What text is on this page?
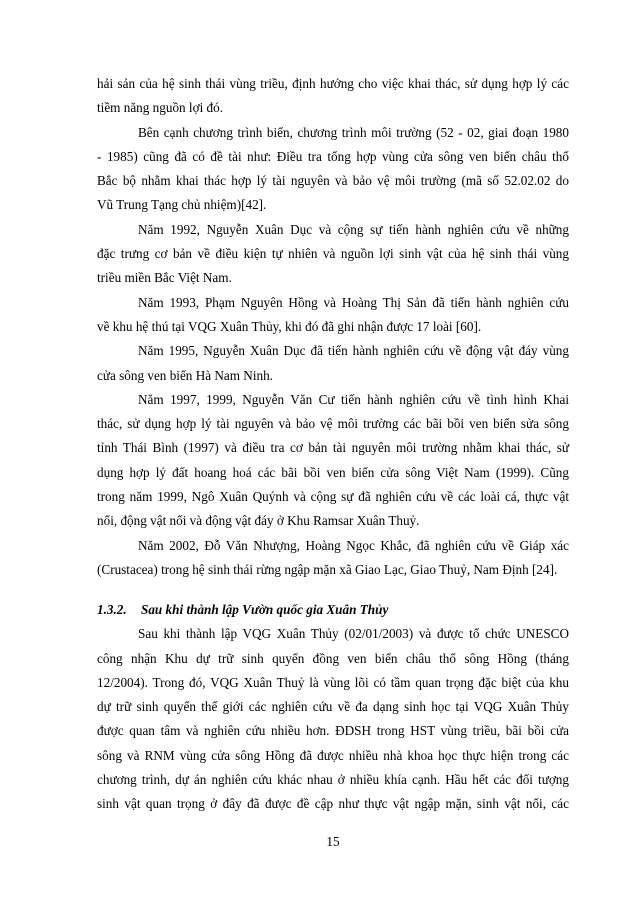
hải sản của hệ sinh thái vùng triều, định hướng cho việc khai thác, sử dụng hợp lý các
tiềm năng nguồn lợi đó.
Bên cạnh chương trình biển, chương trình môi trường (52 - 02, giai đoạn 1980
- 1985) cũng đã có đề tài như: Điều tra tổng hợp vùng cửa sông ven biển châu thổ
Bắc bộ nhằm khai thác hợp lý tài nguyên và bảo vệ môi trường (mã số 52.02.02 do
Vũ Trung Tạng chủ nhiệm)[42].
Năm 1992, Nguyễn Xuân Dục và cộng sự tiến hành nghiên cứu về những
đặc trưng cơ bản về điều kiện tự nhiên và nguồn lợi sinh vật của hệ sinh thái vùng
triều miền Bắc Việt Nam.
Năm 1993, Phạm Nguyên Hồng và Hoàng Thị Sản đã tiến hành nghiên cứu
về khu hệ thú tại VQG Xuân Thủy, khi đó đã ghi nhận được 17 loài [60].
Năm 1995, Nguyễn Xuân Dục đã tiến hành nghiên cứu về động vật đáy vùng
cửa sông ven biển Hà Nam Ninh.
Năm 1997, 1999, Nguyễn Văn Cư tiến hành nghiên cứu về tình hình Khai
thác, sử dụng hợp lý tài nguyên và bảo vệ môi trường các bãi bồi ven biển sửa sông
tỉnh Thái Bình (1997) và điều tra cơ bản tài nguyên môi trường nhằm khai thác, sử
dụng hợp lý đất hoang hoá các bãi bồi ven biển cửa sông Việt Nam (1999). Cũng
trong năm 1999, Ngô Xuân Quýnh và cộng sự đã nghiên cứu về các loài cá, thực vật
nổi, động vật nổi và động vật đáy ở Khu Ramsar Xuân Thuỷ.
Năm 2002, Đỗ Văn Nhượng, Hoàng Ngọc Khắc, đã nghiên cứu về Giáp xác
(Crustacea) trong hệ sinh thái rừng ngập mặn xã Giao Lạc, Giao Thuỷ, Nam Định [24].
1.3.2. Sau khi thành lập Vườn quốc gia Xuân Thủy
Sau khi thành lập VQG Xuân Thủy (02/01/2003) và được tổ chức UNESCO
công nhận Khu dự trữ sinh quyển đồng ven biển châu thổ sông Hồng (tháng
12/2004). Trong đó, VQG Xuân Thuỷ là vùng lõi có tầm quan trọng đặc biệt của khu
dự trữ sinh quyển thế giới các nghiên cứu về đa dạng sinh học tại VQG Xuân Thủy
được quan tâm và nghiên cứu nhiều hơn. ĐDSH trong HST vùng triều, bãi bồi cửa
sông và RNM vùng cửa sông Hồng đã được nhiều nhà khoa học thực hiện trong các
chương trình, dự án nghiên cứu khác nhau ở nhiều khía cạnh. Hầu hết các đối tượng
sinh vật quan trọng ở đây đã được đề cập như thực vật ngập mặn, sinh vật nổi, các
15
